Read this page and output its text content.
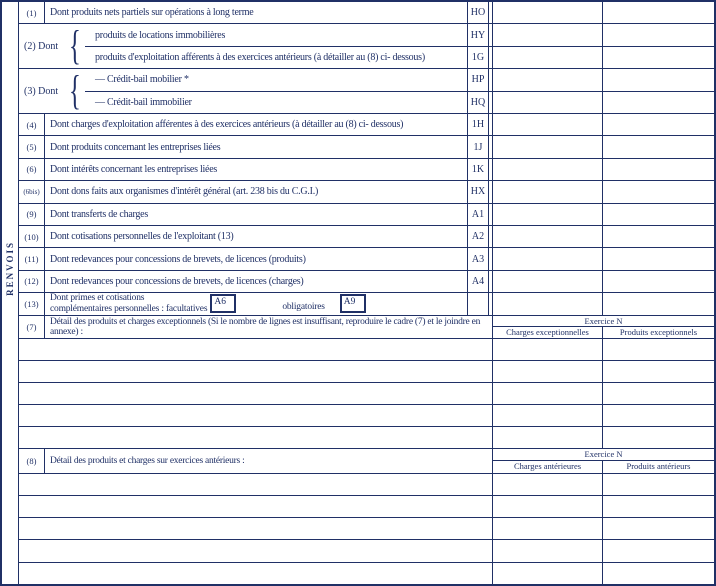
RENVOIS
(1)	Dont produits nets partiels sur opérations à long terme	HO
(2) Dont {	produits de locations immobilières	HY
produits d'exploitation afférents à des exercices antérieurs (à détailler au (8) ci- dessous)	1G
(3) Dont {	— Crédit-bail mobilier *	HP
— Crédit-bail immobilier	HQ
(4)	Dont charges d'exploitation afférentes à des exercices antérieurs (à détailler au (8) ci- dessous)	1H
(5)	Dont produits concernant les entreprises liées	1J
(6)	Dont intérêts concernant les entreprises liées	1K
(6bis)	Dont dons faits aux organismes d'intérêt général (art. 238 bis du C.G.I.)	HX
(9)	Dont transferts de charges	A1
(10)	Dont cotisations personnelles de l'exploitant (13)	A2
(11)	Dont redevances pour concessions de brevets, de licences (produits)	A3
(12)	Dont redevances pour concessions de brevets, de licences (charges)	A4
(13)
Dont primes et cotisations
complémentaires personnelles : facultatives
A6	obligatoires	A9
(7)	Détail des produits et charges exceptionnels (Si le nombre de lignes est insuffisant, reproduire le cadre (7) et le joindre en annexe) :
Exercice N
Charges exceptionnelles	Produits exceptionnels
(8)	Détail des produits et charges sur exercices antérieurs :
Exercice N
Charges antérieures	Produits antérieurs
